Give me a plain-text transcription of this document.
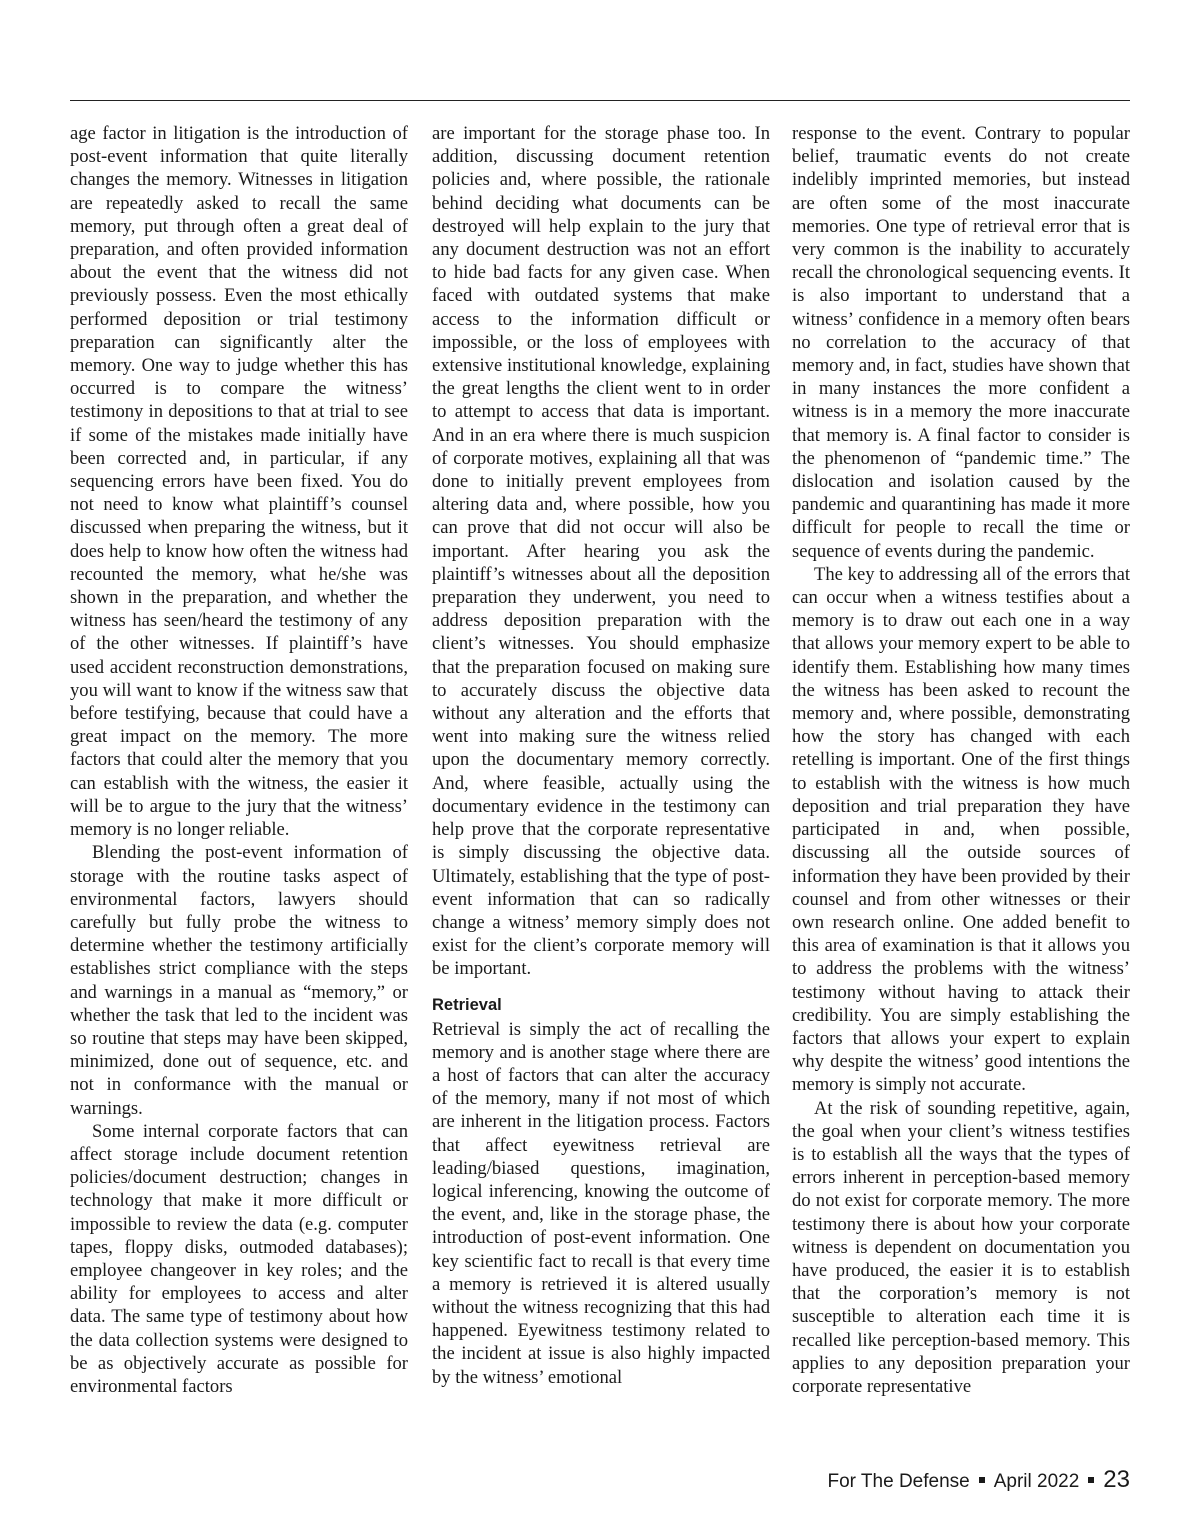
age factor in litigation is the introduction of post-event information that quite literally changes the memory. Witnesses in litigation are repeatedly asked to recall the same memory, put through often a great deal of preparation, and often provided information about the event that the witness did not previously possess. Even the most ethically performed deposition or trial testimony preparation can significantly alter the memory. One way to judge whether this has occurred is to compare the witness’ testimony in depositions to that at trial to see if some of the mistakes made initially have been corrected and, in particular, if any sequencing errors have been fixed. You do not need to know what plaintiff’s counsel discussed when preparing the witness, but it does help to know how often the witness had recounted the memory, what he/she was shown in the preparation, and whether the witness has seen/heard the testimony of any of the other witnesses. If plaintiff’s have used accident reconstruction demonstrations, you will want to know if the witness saw that before testifying, because that could have a great impact on the memory. The more factors that could alter the memory that you can establish with the witness, the easier it will be to argue to the jury that the witness’ memory is no longer reliable.

Blending the post-event information of storage with the routine tasks aspect of environmental factors, lawyers should carefully but fully probe the witness to determine whether the testimony artificially establishes strict compliance with the steps and warnings in a manual as “memory,” or whether the task that led to the incident was so routine that steps may have been skipped, minimized, done out of sequence, etc. and not in conformance with the manual or warnings.

Some internal corporate factors that can affect storage include document retention policies/document destruction; changes in technology that make it more difficult or impossible to review the data (e.g. computer tapes, floppy disks, outmoded databases); employee changeover in key roles; and the ability for employees to access and alter data. The same type of testimony about how the data collection systems were designed to be as objectively accurate as possible for environmental factors

are important for the storage phase too. In addition, discussing document retention policies and, where possible, the rationale behind deciding what documents can be destroyed will help explain to the jury that any document destruction was not an effort to hide bad facts for any given case. When faced with outdated systems that make access to the information difficult or impossible, or the loss of employees with extensive institutional knowledge, explaining the great lengths the client went to in order to attempt to access that data is important. And in an era where there is much suspicion of corporate motives, explaining all that was done to initially prevent employees from altering data and, where possible, how you can prove that did not occur will also be important. After hearing you ask the plaintiff’s witnesses about all the deposition preparation they underwent, you need to address deposition preparation with the client’s witnesses. You should emphasize that the preparation focused on making sure to accurately discuss the objective data without any alteration and the efforts that went into making sure the witness relied upon the documentary memory correctly. And, where feasible, actually using the documentary evidence in the testimony can help prove that the corporate representative is simply discussing the objective data. Ultimately, establishing that the type of post-event information that can so radically change a witness’ memory simply does not exist for the client’s corporate memory will be important.

Retrieval

Retrieval is simply the act of recalling the memory and is another stage where there are a host of factors that can alter the accuracy of the memory, many if not most of which are inherent in the litigation process. Factors that affect eyewitness retrieval are leading/biased questions, imagination, logical inferencing, knowing the outcome of the event, and, like in the storage phase, the introduction of post-event information. One key scientific fact to recall is that every time a memory is retrieved it is altered usually without the witness recognizing that this had happened. Eyewitness testimony related to the incident at issue is also highly impacted by the witness’ emotional

response to the event. Contrary to popular belief, traumatic events do not create indelibly imprinted memories, but instead are often some of the most inaccurate memories. One type of retrieval error that is very common is the inability to accurately recall the chronological sequencing events. It is also important to understand that a witness’ confidence in a memory often bears no correlation to the accuracy of that memory and, in fact, studies have shown that in many instances the more confident a witness is in a memory the more inaccurate that memory is. A final factor to consider is the phenomenon of “pandemic time.” The dislocation and isolation caused by the pandemic and quarantining has made it more difficult for people to recall the time or sequence of events during the pandemic.

The key to addressing all of the errors that can occur when a witness testifies about a memory is to draw out each one in a way that allows your memory expert to be able to identify them. Establishing how many times the witness has been asked to recount the memory and, where possible, demonstrating how the story has changed with each retelling is important. One of the first things to establish with the witness is how much deposition and trial preparation they have participated in and, when possible, discussing all the outside sources of information they have been provided by their counsel and from other witnesses or their own research online. One added benefit to this area of examination is that it allows you to address the problems with the witness’ testimony without having to attack their credibility. You are simply establishing the factors that allows your expert to explain why despite the witness’ good intentions the memory is simply not accurate.

At the risk of sounding repetitive, again, the goal when your client’s witness testifies is to establish all the ways that the types of errors inherent in perception-based memory do not exist for corporate memory. The more testimony there is about how your corporate witness is dependent on documentation you have produced, the easier it is to establish that the corporation’s memory is not susceptible to alteration each time it is recalled like perception-based memory. This applies to any deposition preparation your corporate representative

For The Defense April 2022 23
